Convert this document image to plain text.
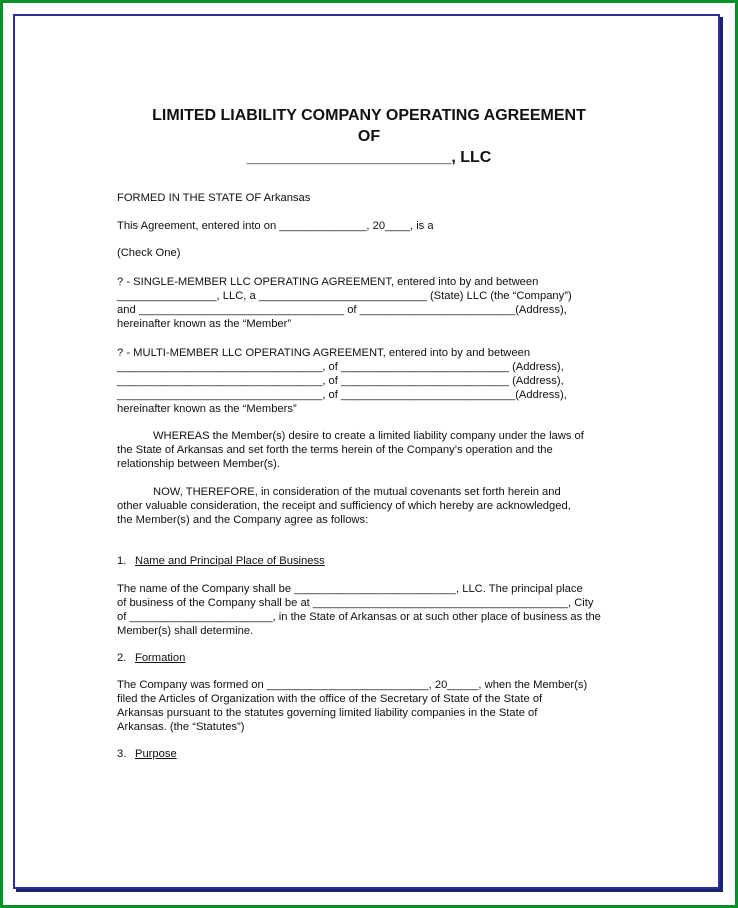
LIMITED LIABILITY COMPANY OPERATING AGREEMENT
OF
_______________________, LLC
FORMED IN THE STATE OF Arkansas
This Agreement, entered into on ______________, 20____, is a
(Check One)
? - SINGLE-MEMBER LLC OPERATING AGREEMENT, entered into by and between
________________, LLC, a ___________________________ (State) LLC (the “Company”)
and _________________________________ of _________________________(Address),
hereinafter known as the “Member”
? - MULTI-MEMBER LLC OPERATING AGREEMENT, entered into by and between
_________________________________, of ___________________________ (Address),
_________________________________, of ___________________________ (Address),
_________________________________, of ____________________________(Address),
hereinafter known as the “Members”
WHEREAS the Member(s) desire to create a limited liability company under the laws of
the State of Arkansas and set forth the terms herein of the Company’s operation and the
relationship between Member(s).
NOW, THEREFORE, in consideration of the mutual covenants set forth herein and
other valuable consideration, the receipt and sufficiency of which hereby are acknowledged,
the Member(s) and the Company agree as follows:
1. Name and Principal Place of Business
The name of the Company shall be __________________________, LLC. The principal place
of business of the Company shall be at _________________________________________, City
of _______________________, in the State of Arkansas or at such other place of business as the
Member(s) shall determine.
2. Formation
The Company was formed on __________________________, 20_____, when the Member(s)
filed the Articles of Organization with the office of the Secretary of State of the State of
Arkansas pursuant to the statutes governing limited liability companies in the State of
Arkansas. (the “Statutes”)
3. Purpose
